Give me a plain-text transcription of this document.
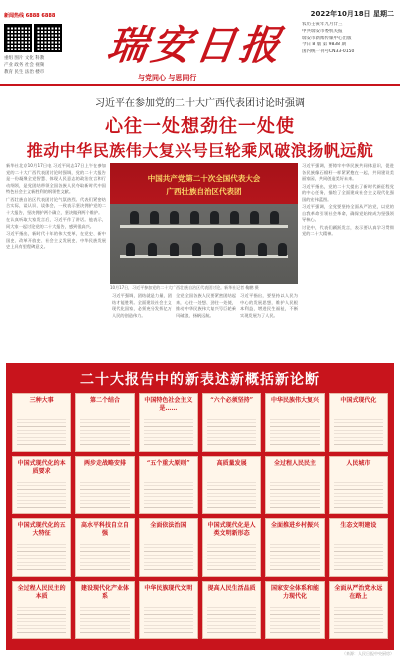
新闻热线 6888 6888
重组 图片 文化 科教
产业 政务 社会 视频
教育 民生 法治 楼市
瑞安日报
与党同心 与思同行
2022年10月18日 星期二
农历壬寅年九月廿三
中共瑞安市委机关报
瑞安市新闻传媒中心出版
今日 8 版 第 9838 期
国内统一刊号CN33-0150
习近平在参加党的二十大广西代表团讨论时强调
心往一处想劲往一处使
推动中华民族伟大复兴号巨轮乘风破浪扬帆远航

新华社北京10月17日电 习近平同志17日上午在参加党的二十大广西代表团讨论时强调，党的二十大报告是一份凝聚全党智慧、体现人民意志的政治宣言和行动纲领，是党团结带领全国各族人民夺取新时代中国特色社会主义新胜利的纲领性文献。

广西壮族自治区代表团讨论气氛热烈。代表们紧密结合实际，谈认识、谈体会，一致表示坚决拥护党的二十大报告，坚决拥护两个确立，坚决做到两个维护。

在认真听取大家发言后，习近平作了讲话。他表示，同大家一起讨论党的二十大报告，感到很高兴。

习近平指出，新时代十年的伟大变革，在党史、新中国史、改革开放史、社会主义发展史、中华民族发展史上具有里程碑意义。

中国共产党第二十次全国代表大会
广西壮族自治区代表团
10月17日，习近平参加党的二十大广西壮族自治区代表团讨论。新华社记者 鞠鹏 摄

习近平强调，团结就是力量，团结才能胜利。全面建设社会主义现代化国家，必须充分发挥亿万人民的创造伟力。

全党全国各族人民要紧密团结起来，心往一处想、劲往一处使，推动中华民族伟大复兴号巨轮乘风破浪、扬帆远航。

习近平指出，要坚持以人民为中心的发展思想，维护人民根本利益，增进民生福祉，不断实现发展为了人民。

习近平强调，要铸牢中华民族共同体意识，促进各民族像石榴籽一样紧紧抱在一起，共同建设美丽家园，共同创造美好未来。

习近平指出，党的二十大提出了新时代新征程党的中心任务，描绘了全面建成社会主义现代化强国的宏伟蓝图。

习近平强调，全党要坚持全面从严治党，以党的自我革命引领社会革命，确保党始终成为坚强领导核心。

讨论中，代表们踊跃发言，表示要认真学习贯彻党的二十大精神。

二十大报告中的新表述新概括新论断
三种大事	第二个结合	中国特色社会主义是……
“六个必须坚持”	中华民族伟大复兴	中国式现代化
中国式现代化的本质要求
两步走战略安排	“五个重大原则”	高质量发展	全过程人民民主	人民城市
中国式现代化的五大特征
高水平科技自立自强
全面依法治国	中国式现代化是人类文明新形态
全面推进乡村振兴	生态文明建设
全过程人民民主的本质
建设现代化产业体系
中华民族现代文明	提高人民生活品质	国家安全体系和能力现代化
全面从严治党永远在路上
（来源：人民日报中央厨房）
